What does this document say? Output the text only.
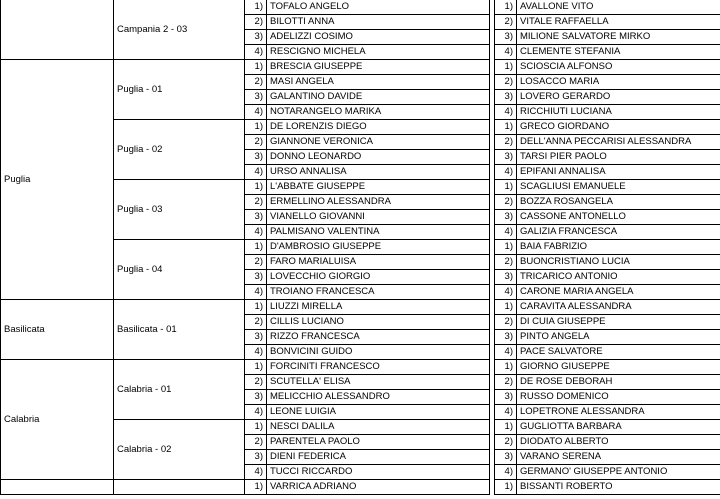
	Campania 2 - 03	1)	TOFALO ANGELO		1)	AVALLONE VITO
		2)	BILOTTI ANNA		2)	VITALE RAFFAELLA
		3)	ADELIZZI COSIMO		3)	MILIONE SALVATORE MIRKO
		4)	RESCIGNO MICHELA		4)	CLEMENTE STEFANIA
Puglia	Puglia - 01	1)	BRESCIA GIUSEPPE		1)	SCIOSCIA ALFONSO
		2)	MASI ANGELA		2)	LOSACCO MARIA
		3)	GALANTINO DAVIDE		3)	LOVERO GERARDO
		4)	NOTARANGELO MARIKA		4)	RICCHIUTI LUCIANA
	Puglia - 02	1)	DE LORENZIS DIEGO		1)	GRECO GIORDANO
		2)	GIANNONE VERONICA		2)	DELL'ANNA PECCARISI ALESSANDRA
		3)	DONNO LEONARDO		3)	TARSI PIER PAOLO
		4)	URSO ANNALISA		4)	EPIFANI ANNALISA
	Puglia - 03	1)	L'ABBATE GIUSEPPE		1)	SCAGLIUSI EMANUELE
		2)	ERMELLINO ALESSANDRA		2)	BOZZA ROSANGELA
		3)	VIANELLO GIOVANNI		3)	CASSONE ANTONELLO
		4)	PALMISANO VALENTINA		4)	GALIZIA FRANCESCA
	Puglia - 04	1)	D'AMBROSIO GIUSEPPE		1)	BAIA FABRIZIO
		2)	FARO MARIALUISA		2)	BUONCRISTIANO LUCIA
		3)	LOVECCHIO GIORGIO		3)	TRICARICO ANTONIO
		4)	TROIANO FRANCESCA		4)	CARONE MARIA ANGELA
Basilicata	Basilicata - 01	1)	LIUZZI MIRELLA		1)	CARAVITA ALESSANDRA
		2)	CILLIS LUCIANO		2)	DI CUIA GIUSEPPE
		3)	RIZZO FRANCESCA		3)	PINTO ANGELA
		4)	BONVICINI GUIDO		4)	PACE SALVATORE
Calabria	Calabria - 01	1)	FORCINITI FRANCESCO		1)	GIORNO GIUSEPPE
		2)	SCUTELLA' ELISA		2)	DE ROSE DEBORAH
		3)	MELICCHIO ALESSANDRO		3)	RUSSO DOMENICO
		4)	LEONE LUIGIA		4)	LOPETRONE ALESSANDRA
	Calabria - 02	1)	NESCI DALILA		1)	GUGLIOTTA BARBARA
		2)	PARENTELA PAOLO		2)	DIODATO ALBERTO
		3)	DIENI FEDERICA		3)	VARANO SERENA
		4)	TUCCI RICCARDO		4)	GERMANO' GIUSEPPE ANTONIO
		1)	VARRICA ADRIANO		1)	BISSANTI ROBERTO
